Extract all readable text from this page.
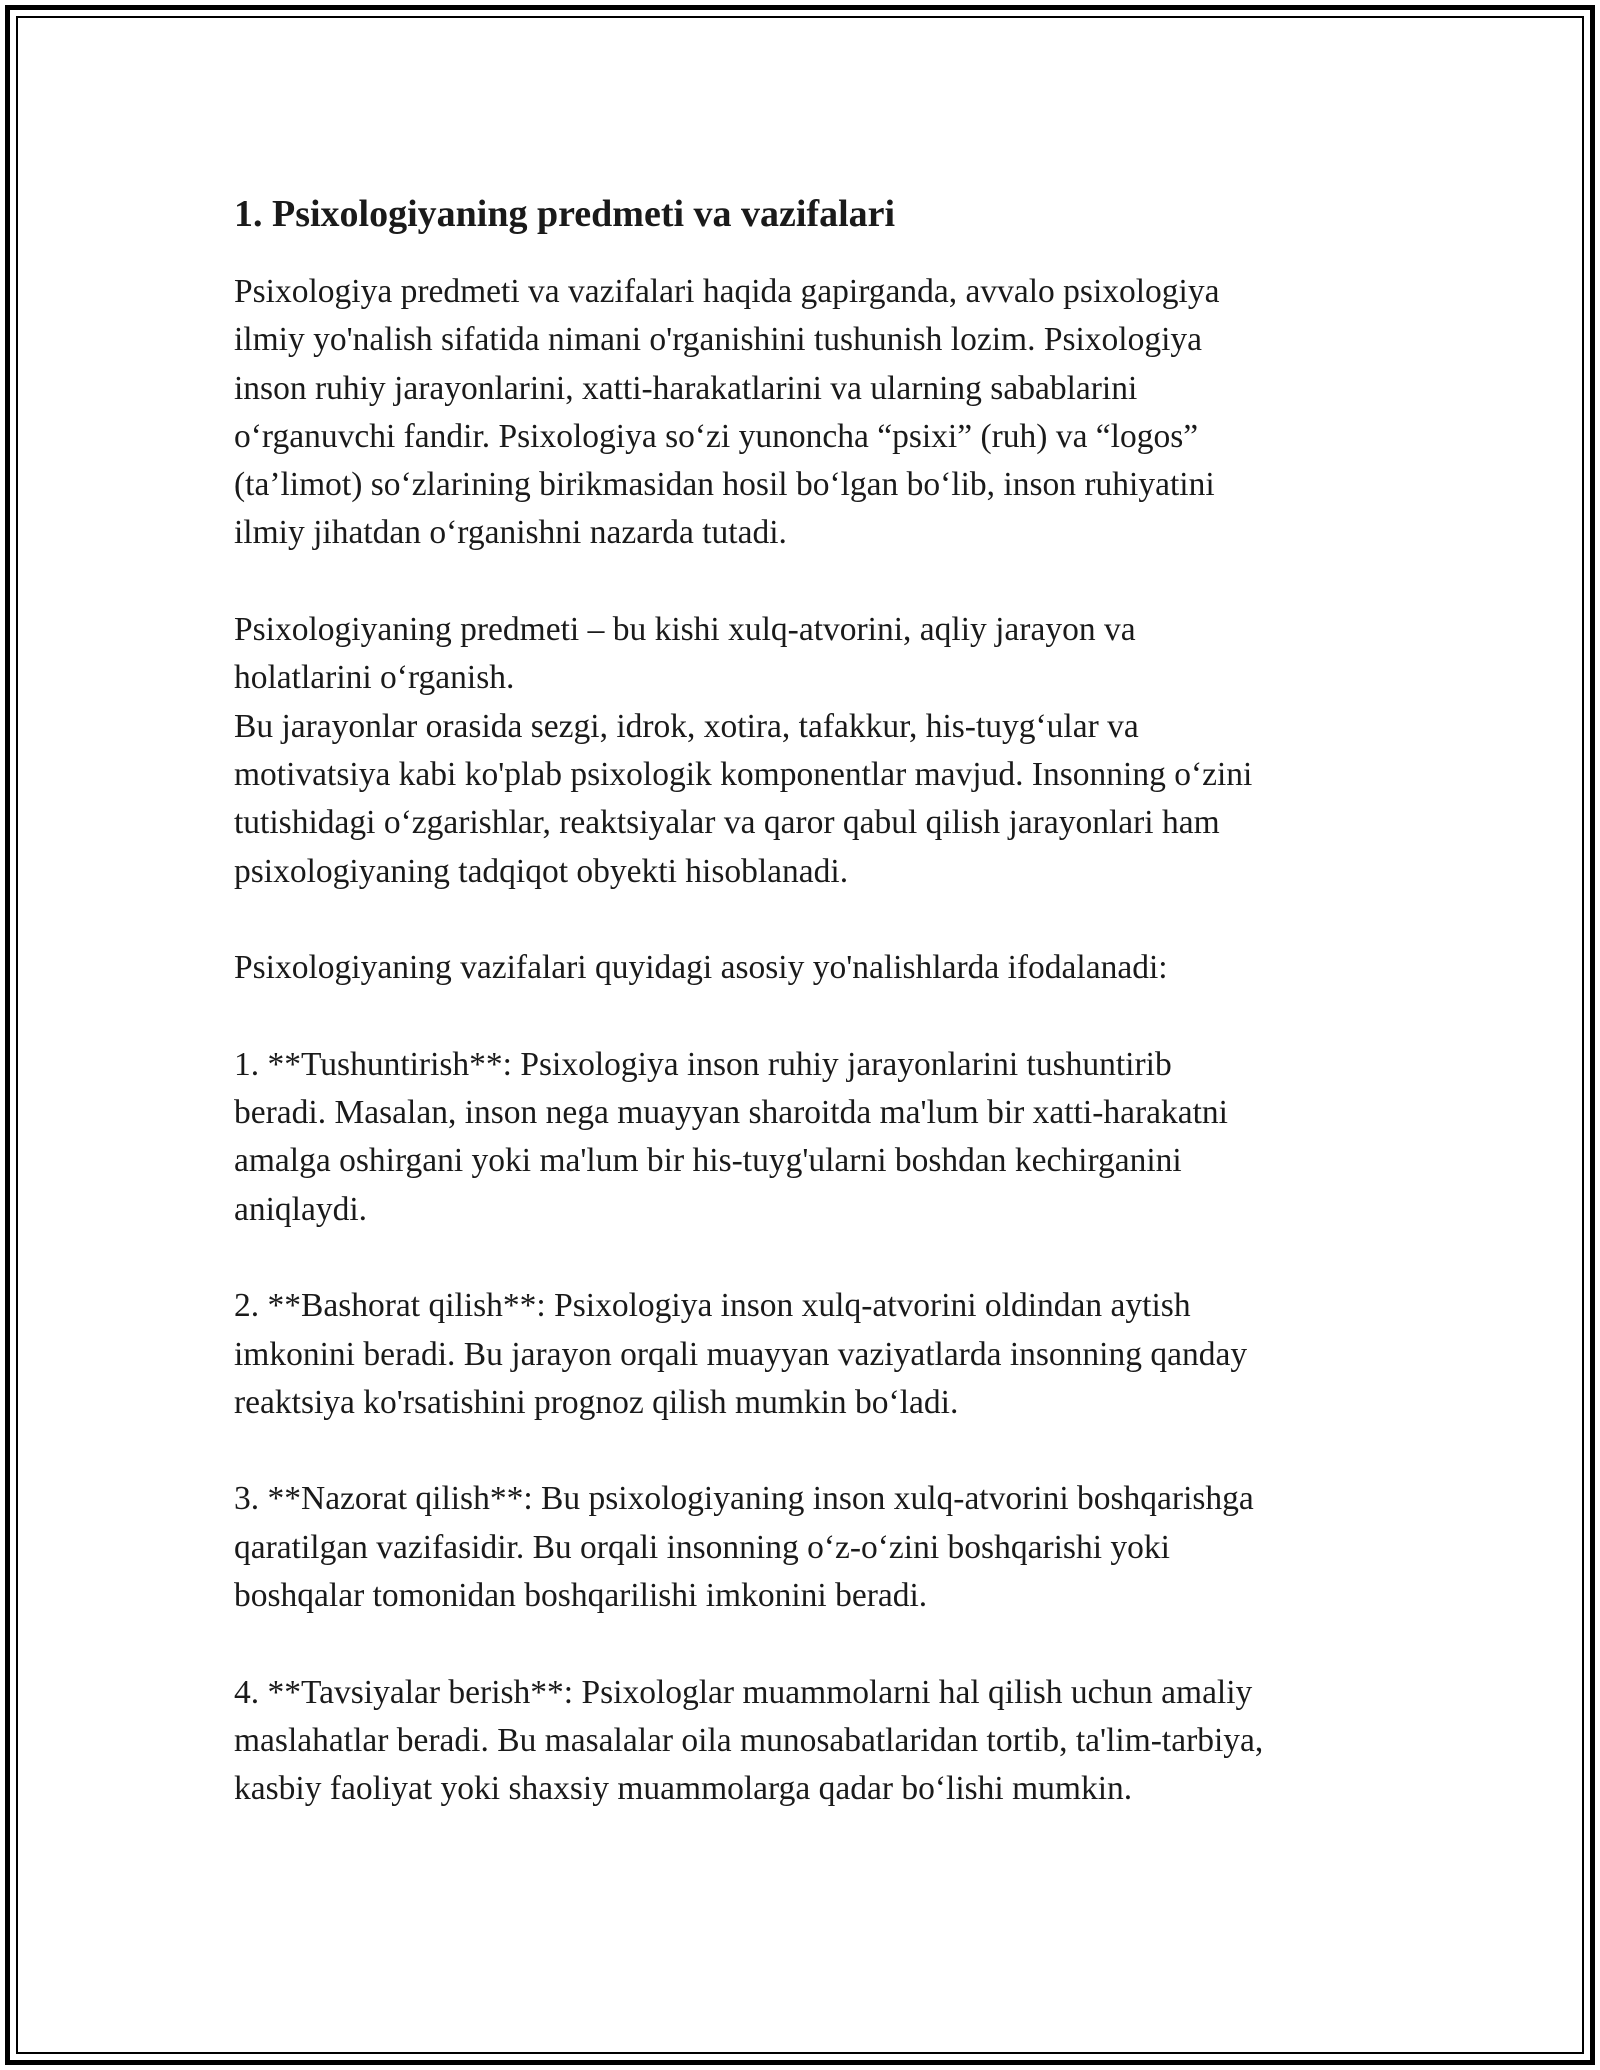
1. Psixologiyaning predmeti va vazifalari

Psixologiya predmeti va vazifalari haqida gapirganda, avvalo psixologiya
ilmiy yo'nalish sifatida nimani o'rganishini tushunish lozim. Psixologiya
inson ruhiy jarayonlarini, xatti-harakatlarini va ularning sabablarini
o‘rganuvchi fandir. Psixologiya so‘zi yunoncha “psixi” (ruh) va “logos”
(ta’limot) so‘zlarining birikmasidan hosil bo‘lgan bo‘lib, inson ruhiyatini
ilmiy jihatdan o‘rganishni nazarda tutadi.

Psixologiyaning predmeti – bu kishi xulq-atvorini, aqliy jarayon va
holatlarini o‘rganish.
Bu jarayonlar orasida sezgi, idrok, xotira, tafakkur, his-tuyg‘ular va
motivatsiya kabi ko'plab psixologik komponentlar mavjud. Insonning o‘zini
tutishidagi o‘zgarishlar, reaktsiyalar va qaror qabul qilish jarayonlari ham
psixologiyaning tadqiqot obyekti hisoblanadi.

Psixologiyaning vazifalari quyidagi asosiy yo'nalishlarda ifodalanadi:

1. **Tushuntirish**: Psixologiya inson ruhiy jarayonlarini tushuntirib
beradi. Masalan, inson nega muayyan sharoitda ma'lum bir xatti-harakatni
amalga oshirgani yoki ma'lum bir his-tuyg'ularni boshdan kechirganini
aniqlaydi.

2. **Bashorat qilish**: Psixologiya inson xulq-atvorini oldindan aytish
imkonini beradi. Bu jarayon orqali muayyan vaziyatlarda insonning qanday
reaktsiya ko'rsatishini prognoz qilish mumkin bo‘ladi.

3. **Nazorat qilish**: Bu psixologiyaning inson xulq-atvorini boshqarishga
qaratilgan vazifasidir. Bu orqali insonning o‘z-o‘zini boshqarishi yoki
boshqalar tomonidan boshqarilishi imkonini beradi.

4. **Tavsiyalar berish**: Psixologlar muammolarni hal qilish uchun amaliy
maslahatlar beradi. Bu masalalar oila munosabatlaridan tortib, ta'lim-tarbiya,
kasbiy faoliyat yoki shaxsiy muammolarga qadar bo‘lishi mumkin.
